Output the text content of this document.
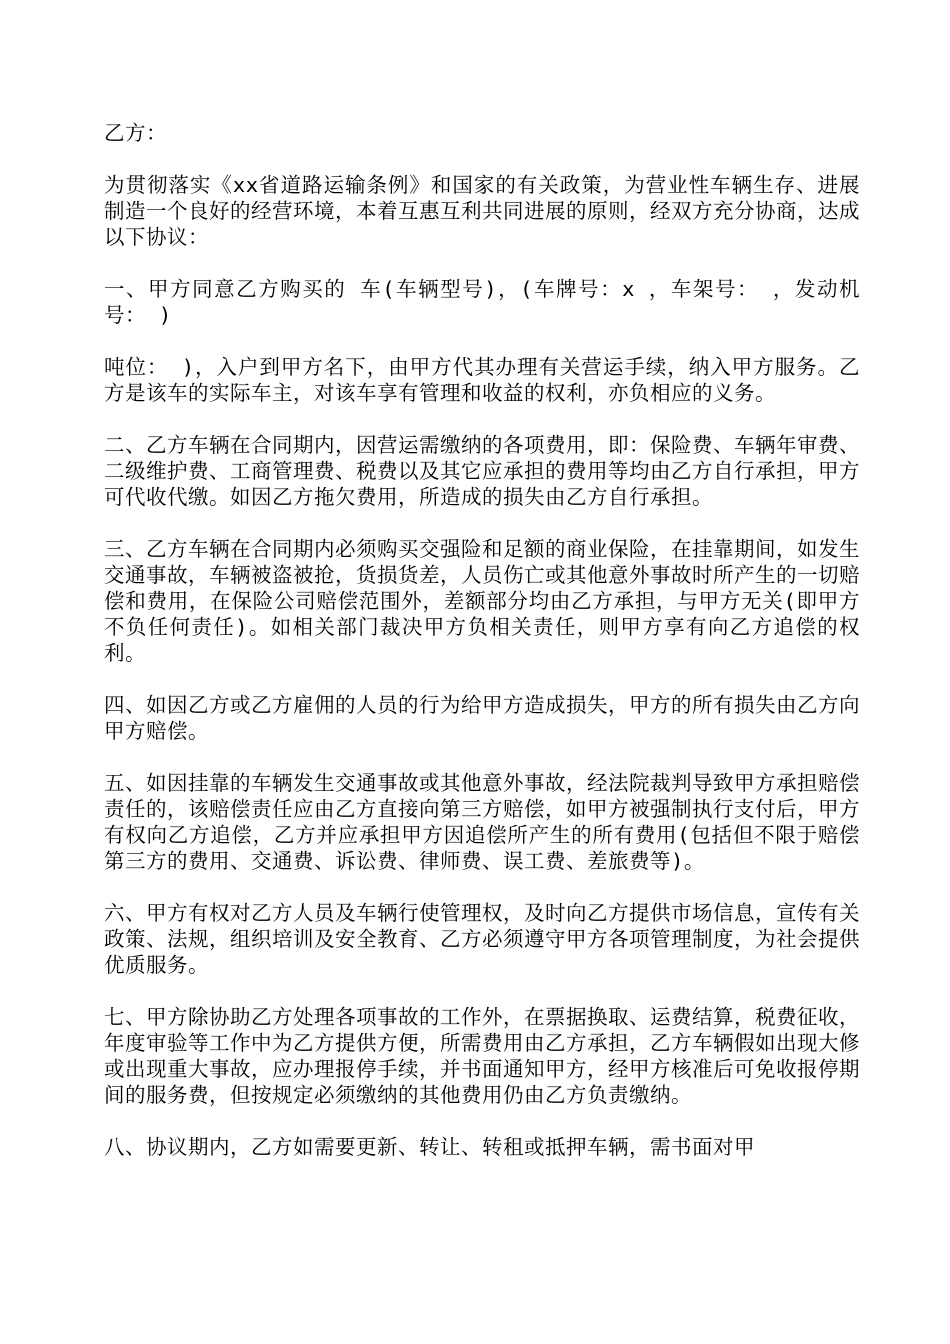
乙方：

为贯彻落实《xx省道路运输条例》和国家的有关政策，为营业性车辆生存、进展制造一个良好的经营环境，本着互惠互利共同进展的原则，经双方充分协商，达成以下协议：

一、甲方同意乙方购买的 车(车辆型号)，(车牌号：x ，车架号： ，发动机号： )

吨位： )，入户到甲方名下，由甲方代其办理有关营运手续，纳入甲方服务。乙方是该车的实际车主，对该车享有管理和收益的权利，亦负相应的义务。

二、乙方车辆在合同期内，因营运需缴纳的各项费用，即：保险费、车辆年审费、二级维护费、工商管理费、税费以及其它应承担的费用等均由乙方自行承担，甲方可代收代缴。如因乙方拖欠费用，所造成的损失由乙方自行承担。

三、乙方车辆在合同期内必须购买交强险和足额的商业保险，在挂靠期间，如发生交通事故，车辆被盗被抢，货损货差，人员伤亡或其他意外事故时所产生的一切赔偿和费用，在保险公司赔偿范围外，差额部分均由乙方承担，与甲方无关(即甲方不负任何责任)。如相关部门裁决甲方负相关责任，则甲方享有向乙方追偿的权利。

四、如因乙方或乙方雇佣的人员的行为给甲方造成损失，甲方的所有损失由乙方向甲方赔偿。

五、如因挂靠的车辆发生交通事故或其他意外事故，经法院裁判导致甲方承担赔偿责任的，该赔偿责任应由乙方直接向第三方赔偿，如甲方被强制执行支付后，甲方有权向乙方追偿，乙方并应承担甲方因追偿所产生的所有费用(包括但不限于赔偿第三方的费用、交通费、诉讼费、律师费、误工费、差旅费等)。

六、甲方有权对乙方人员及车辆行使管理权，及时向乙方提供市场信息，宣传有关政策、法规，组织培训及安全教育、乙方必须遵守甲方各项管理制度，为社会提供优质服务。

七、甲方除协助乙方处理各项事故的工作外，在票据换取、运费结算，税费征收，年度审验等工作中为乙方提供方便，所需费用由乙方承担，乙方车辆假如出现大修或出现重大事故，应办理报停手续，并书面通知甲方，经甲方核准后可免收报停期间的服务费，但按规定必须缴纳的其他费用仍由乙方负责缴纳。

八、协议期内，乙方如需要更新、转让、转租或抵押车辆，需书面对甲
